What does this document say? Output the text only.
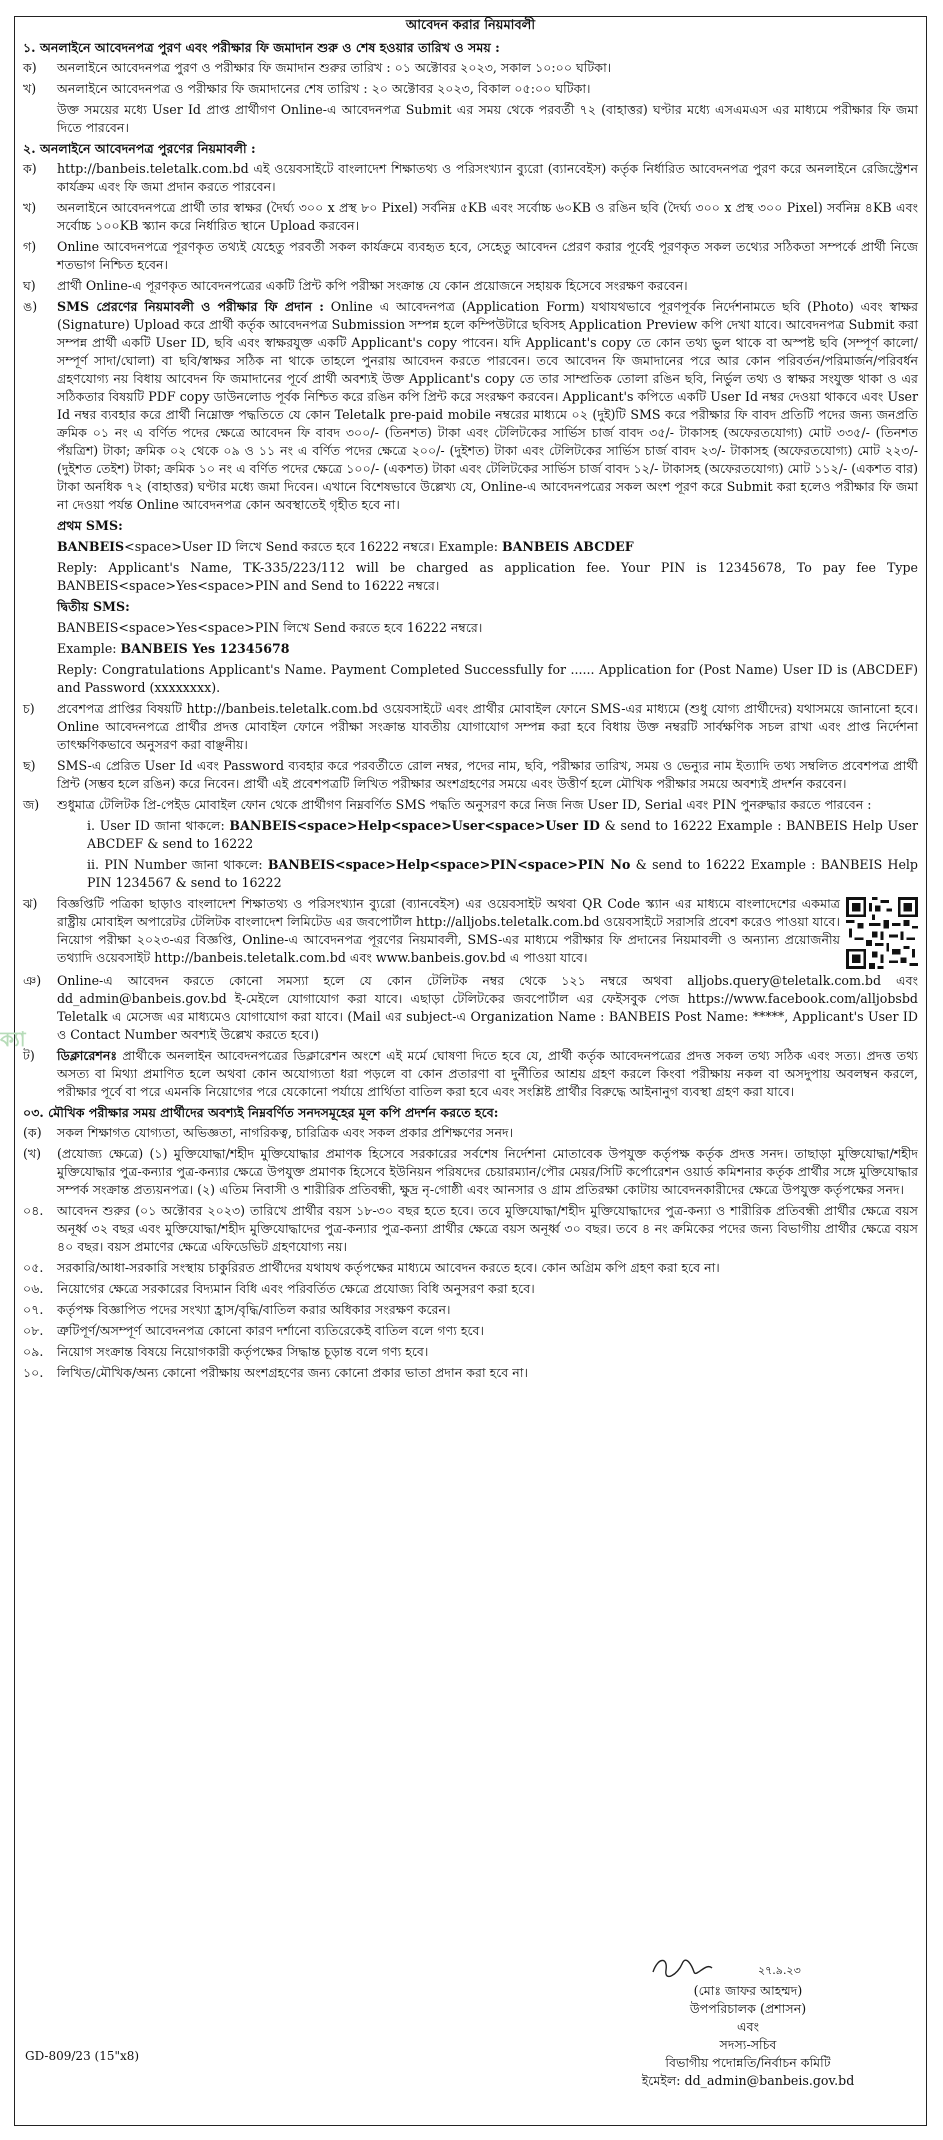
আবেদন করার নিয়মাবলী
১. অনলাইনে আবেদনপত্র পুরণ এবং পরীক্ষার ফি জমাদান শুরু ও শেষ হওয়ার তারিখ ও সময় :
ক)	অনলাইনে আবেদনপত্র পুরণ ও পরীক্ষার ফি জমাদান শুরুর তারিখ : ০১ অক্টোবর ২০২৩, সকাল ১০:০০ ঘটিকা।
খ)	অনলাইনে আবেদনপত্র ও পরীক্ষার ফি জমাদানের শেষ তারিখ : ২০ অক্টোবর ২০২৩, বিকাল ০৫:০০ ঘটিকা।
উক্ত সময়ের মধ্যে User Id প্রাপ্ত প্রার্থীগণ Online-এ আবেদনপত্র Submit এর সময় থেকে পরবর্তী ৭২ (বাহাত্তর) ঘণ্টার মধ্যে এসএমএস এর মাধ্যমে পরীক্ষার ফি জমা দিতে পারবেন।
২. অনলাইনে আবেদনপত্র পুরণের নিয়মাবলী :
ক)	http://banbeis.teletalk.com.bd এই ওয়েবসাইটে বাংলাদেশ শিক্ষাতথ্য ও পরিসংখ্যান ব্যুরো (ব্যানবেইস) কর্তৃক নির্ধারিত আবেদনপত্র পুরণ করে অনলাইনে রেজিস্ট্রেশন কার্যক্রম এবং ফি জমা প্রদান করতে পারবেন।
খ)	অনলাইনে আবেদনপত্রে প্রার্থী তার স্বাক্ষর (দৈর্ঘ্য ৩০০ x প্রস্থ ৮০ Pixel) সর্বনিম্ন ৫KB এবং সর্বোচ্চ ৬০KB ও রঙিন ছবি (দৈর্ঘ্য ৩০০ x প্রস্থ ৩০০ Pixel) সর্বনিম্ন ৪KB এবং সর্বোচ্চ ১০০KB স্ক্যান করে নির্ধারিত স্থানে Upload করবেন।
গ)	Online আবেদনপত্রে পূরণকৃত তথ্যই যেহেতু পরবর্তী সকল কার্যক্রমে ব্যবহৃত হবে, সেহেতু আবেদন প্রেরণ করার পূর্বেই পূরণকৃত সকল তথ্যের সঠিকতা সম্পর্কে প্রার্থী নিজে শতভাগ নিশ্চিত হবেন।
ঘ)	প্রার্থী Online-এ পূরণকৃত আবেদনপত্রের একটি প্রিন্ট কপি পরীক্ষা সংক্রান্ত যে কোন প্রয়োজনে সহায়ক হিসেবে সংরক্ষণ করবেন।
ঙ)	SMS প্রেরণের নিয়মাবলী ও পরীক্ষার ফি প্রদান : Online এ আবেদনপত্র (Application Form) যথাযথভাবে পূরণপূর্বক নির্দেশনামতে ছবি (Photo) এবং স্বাক্ষর (Signature) Upload করে প্রার্থী কর্তৃক আবেদনপত্র Submission সম্পন্ন হলে কম্পিউটারে ছবিসহ Application Preview কপি দেখা যাবে। আবেদনপত্র Submit করা সম্পন্ন প্রার্থী একটি User ID, ছবি এবং স্বাক্ষরযুক্ত একটি Applicant's copy পাবেন। যদি Applicant's copy তে কোন তথ্য ভুল থাকে বা অস্পষ্ট ছবি (সম্পূর্ণ কালো/সম্পূর্ণ সাদা/ঘোলা) বা ছবি/স্বাক্ষর সঠিক না থাকে তাহলে পুনরায় আবেদন করতে পারবেন। তবে আবেদন ফি জমাদানের পরে আর কোন পরিবর্তন/পরিমার্জন/পরিবর্ধন গ্রহণযোগ্য নয় বিধায় আবেদন ফি জমাদানের পূর্বে প্রার্থী অবশ্যই উক্ত Applicant's copy তে তার সাম্প্রতিক তোলা রঙিন ছবি, নির্ভুল তথ্য ও স্বাক্ষর সংযুক্ত থাকা ও এর সঠিকতার বিষয়টি PDF copy ডাউনলোড পূর্বক নিশ্চিত করে রঙিন কপি প্রিন্ট করে সংরক্ষণ করবেন। Applicant's কপিতে একটি User Id নম্বর দেওয়া থাকবে এবং User Id নম্বর ব্যবহার করে প্রার্থী নিম্নোক্ত পদ্ধতিতে যে কোন Teletalk pre-paid mobile নম্বরের মাধ্যমে ০২ (দুই)টি SMS করে পরীক্ষার ফি বাবদ প্রতিটি পদের জন্য জনপ্রতি ক্রমিক ০১ নং এ বর্ণিত পদের ক্ষেত্রে আবেদন ফি বাবদ ৩০০/- (তিনশত) টাকা এবং টেলিটকের সার্ভিস চার্জ বাবদ ৩৫/- টাকাসহ (অফেরতযোগ্য) মোট ৩৩৫/- (তিনশত পঁয়ত্রিশ) টাকা; ক্রমিক ০২ থেকে ০৯ ও ১১ নং এ বর্ণিত পদের ক্ষেত্রে ২০০/- (দুইশত) টাকা এবং টেলিটকের সার্ভিস চার্জ বাবদ ২৩/- টাকাসহ (অফেরতযোগ্য) মোট ২২৩/- (দুইশত তেইশ) টাকা; ক্রমিক ১০ নং এ বর্ণিত পদের ক্ষেত্রে ১০০/- (একশত) টাকা এবং টেলিটকের সার্ভিস চার্জ বাবদ ১২/- টাকাসহ (অফেরতযোগ্য) মোট ১১২/- (একশত বার) টাকা অনধিক ৭২ (বাহাত্তর) ঘণ্টার মধ্যে জমা দিবেন। এখানে বিশেষভাবে উল্লেখ্য যে, Online-এ আবেদনপত্রের সকল অংশ পূরণ করে Submit করা হলেও পরীক্ষার ফি জমা না দেওয়া পর্যন্ত Online আবেদনপত্র কোন অবস্থাতেই গৃহীত হবে না।
প্রথম SMS:
BANBEIS<space>User ID লিখে Send করতে হবে 16222 নম্বরে। Example: BANBEIS ABCDEF
Reply: Applicant's Name, TK-335/223/112 will be charged as application fee. Your PIN is 12345678, To pay fee Type BANBEIS<space>Yes<space>PIN and Send to 16222 নম্বরে।
দ্বিতীয় SMS:
BANBEIS<space>Yes<space>PIN লিখে Send করতে হবে 16222 নম্বরে।
Example: BANBEIS Yes 12345678
Reply: Congratulations Applicant's Name. Payment Completed Successfully for ...... Application for (Post Name) User ID is (ABCDEF) and Password (xxxxxxxx).
চ)	প্রবেশপত্র প্রাপ্তির বিষয়টি http://banbeis.teletalk.com.bd ওয়েবসাইটে এবং প্রার্থীর মোবাইল ফোনে SMS-এর মাধ্যমে (শুধু যোগ্য প্রার্থীদের) যথাসময়ে জানানো হবে। Online আবেদনপত্রে প্রার্থীর প্রদত্ত মোবাইল ফোনে পরীক্ষা সংক্রান্ত যাবতীয় যোগাযোগ সম্পন্ন করা হবে বিধায় উক্ত নম্বরটি সার্বক্ষণিক সচল রাখা এবং প্রাপ্ত নির্দেশনা তাৎক্ষণিকভাবে অনুসরণ করা বাঞ্ছনীয়।
ছ)	SMS-এ প্রেরিত User Id এবং Password ব্যবহার করে পরবর্তীতে রোল নম্বর, পদের নাম, ছবি, পরীক্ষার তারিখ, সময় ও ভেন্যুর নাম ইত্যাদি তথ্য সম্বলিত প্রবেশপত্র প্রার্থী প্রিন্ট (সম্ভব হলে রঙিন) করে নিবেন। প্রার্থী এই প্রবেশপত্রটি লিখিত পরীক্ষার অংশগ্রহণের সময়ে এবং উত্তীর্ণ হলে মৌখিক পরীক্ষার সময়ে অবশ্যই প্রদর্শন করবেন।
জ)	শুধুমাত্র টেলিটক প্রি-পেইড মোবাইল ফোন থেকে প্রার্থীগণ নিম্নবর্ণিত SMS পদ্ধতি অনুসরণ করে নিজ নিজ User ID, Serial এবং PIN পুনরুদ্ধার করতে পারবেন :
i. User ID জানা থাকলে: BANBEIS<space>Help<space>User<space>User ID & send to 16222 Example : BANBEIS Help User ABCDEF & send to 16222
ii. PIN Number জানা থাকলে: BANBEIS<space>Help<space>PIN<space>PIN No & send to 16222 Example : BANBEIS Help PIN 1234567 & send to 16222
ঝ)	বিজ্ঞপ্তিটি পত্রিকা ছাড়াও বাংলাদেশ শিক্ষাতথ্য ও পরিসংখ্যান ব্যুরো (ব্যানবেইস) এর ওয়েবসাইট অথবা QR Code স্ক্যান এর মাধ্যমে বাংলাদেশের একমাত্র রাষ্ট্রীয় মোবাইল অপারেটর টেলিটক বাংলাদেশ লিমিটেড এর জবপোর্টাল http://alljobs.teletalk.com.bd ওয়েবসাইটে সরাসরি প্রবেশ করেও পাওয়া যাবে। নিয়োগ পরীক্ষা ২০২৩-এর বিজ্ঞপ্তি, Online-এ আবেদনপত্র পূরণের নিয়মাবলী, SMS-এর মাধ্যমে পরীক্ষার ফি প্রদানের নিয়মাবলী ও অন্যান্য প্রয়োজনীয় তথ্যাদি ওয়েবসাইট http://banbeis.teletalk.com.bd এবং www.banbeis.gov.bd এ পাওয়া যাবে।
ঞ)	Online-এ আবেদন করতে কোনো সমস্যা হলে যে কোন টেলিটক নম্বর থেকে ১২১ নম্বরে অথবা alljobs.query@teletalk.com.bd এবং dd_admin@banbeis.gov.bd ই-মেইলে যোগাযোগ করা যাবে। এছাড়া টেলিটকের জবপোর্টাল এর ফেইসবুক পেজ https://www.facebook.com/alljobsbd Teletalk এ মেসেজ এর মাধ্যমেও যোগাযোগ করা যাবে। (Mail এর subject-এ Organization Name : BANBEIS Post Name: *****, Applicant's User ID ও Contact Number অবশ্যই উল্লেখ করতে হবে।)
ট)	ডিক্লারেশনঃ প্রার্থীকে অনলাইন আবেদনপত্রের ডিক্লারেশন অংশে এই মর্মে ঘোষণা দিতে হবে যে, প্রার্থী কর্তৃক আবেদনপত্রের প্রদত্ত সকল তথ্য সঠিক এবং সত্য। প্রদত্ত তথ্য অসত্য বা মিথ্যা প্রমাণিত হলে অথবা কোন অযোগ্যতা ধরা পড়লে বা কোন প্রতারণা বা দুর্নীতির আশ্রয় গ্রহণ করলে কিংবা পরীক্ষায় নকল বা অসদুপায় অবলম্বন করলে, পরীক্ষার পূর্বে বা পরে এমনকি নিয়োগের পরে যেকোনো পর্যায়ে প্রার্থিতা বাতিল করা হবে এবং সংশ্লিষ্ট প্রার্থীর বিরুদ্ধে আইনানুগ ব্যবস্থা গ্রহণ করা যাবে।
০৩. মৌখিক পরীক্ষার সময় প্রার্থীদের অবশ্যই নিম্নবর্ণিত সনদসমূহের মূল কপি প্রদর্শন করতে হবে:
(ক)	সকল শিক্ষাগত যোগ্যতা, অভিজ্ঞতা, নাগরিকত্ব, চারিত্রিক এবং সকল প্রকার প্রশিক্ষণের সনদ।
(খ)	(প্রযোজ্য ক্ষেত্রে) (১) মুক্তিযোদ্ধা/শহীদ মুক্তিযোদ্ধার প্রমাণক হিসেবে সরকারের সর্বশেষ নির্দেশনা মোতাবেক উপযুক্ত কর্তৃপক্ষ কর্তৃক প্রদত্ত সনদ। তাছাড়া মুক্তিযোদ্ধা/শহীদ মুক্তিযোদ্ধার পুত্র-কন্যার পুত্র-কন্যার ক্ষেত্রে উপযুক্ত প্রমাণক হিসেবে ইউনিয়ন পরিষদের চেয়ারম্যান/পৌর মেয়র/সিটি কর্পোরেশন ওয়ার্ড কমিশনার কর্তৃক প্রার্থীর সঙ্গে মুক্তিযোদ্ধার সম্পর্ক সংক্রান্ত প্রত্যয়নপত্র। (২) এতিম নিবাসী ও শারীরিক প্রতিবন্ধী, ক্ষুদ্র নৃ-গোষ্ঠী এবং আনসার ও গ্রাম প্রতিরক্ষা কোটায় আবেদনকারীদের ক্ষেত্রে উপযুক্ত কর্তৃপক্ষের সনদ।
০৪.	আবেদন শুরুর (০১ অক্টোবর ২০২৩) তারিখে প্রার্থীর বয়স ১৮-৩০ বছর হতে হবে। তবে মুক্তিযোদ্ধা/শহীদ মুক্তিযোদ্ধাদের পুত্র-কন্যা ও শারীরিক প্রতিবন্ধী প্রার্থীর ক্ষেত্রে বয়স অনূর্ধ্ব ৩২ বছর এবং মুক্তিযোদ্ধা/শহীদ মুক্তিযোদ্ধাদের পুত্র-কন্যার পুত্র-কন্যা প্রার্থীর ক্ষেত্রে বয়স অনূর্ধ্ব ৩০ বছর। তবে ৪ নং ক্রমিকের পদের জন্য বিভাগীয় প্রার্থীর ক্ষেত্রে বয়স ৪০ বছর। বয়স প্রমাণের ক্ষেত্রে এফিডেভিট গ্রহণযোগ্য নয়।
০৫.	সরকারি/আধা-সরকারি সংস্থায় চাকুরিরত প্রার্থীদের যথাযথ কর্তৃপক্ষের মাধ্যমে আবেদন করতে হবে। কোন অগ্রিম কপি গ্রহণ করা হবে না।
০৬.	নিয়োগের ক্ষেত্রে সরকারের বিদ্যমান বিধি এবং পরিবর্তিত ক্ষেত্রে প্রযোজ্য বিধি অনুসরণ করা হবে।
০৭.	কর্তৃপক্ষ বিজ্ঞাপিত পদের সংখ্যা হ্রাস/বৃদ্ধি/বাতিল করার অধিকার সংরক্ষণ করেন।
০৮.	ত্রুটিপূর্ণ/অসম্পূর্ণ আবেদনপত্র কোনো কারণ দর্শানো ব্যতিরেকেই বাতিল বলে গণ্য হবে।
০৯.	নিয়োগ সংক্রান্ত বিষয়ে নিয়োগকারী কর্তৃপক্ষের সিদ্ধান্ত চূড়ান্ত বলে গণ্য হবে।
১০.	লিখিত/মৌখিক/অন্য কোনো পরীক্ষায় অংশগ্রহণের জন্য কোনো প্রকার ভাতা প্রদান করা হবে না।
২৭.৯.২৩
(মোঃ জাফর আহম্মদ)
উপপরিচালক (প্রশাসন)
এবং
সদস্য-সচিব
বিভাগীয় পদোন্নতি/নির্বাচন কমিটি
ইমেইল: dd_admin@banbeis.gov.bd
GD-809/23 (15"x8)
ক্যা
